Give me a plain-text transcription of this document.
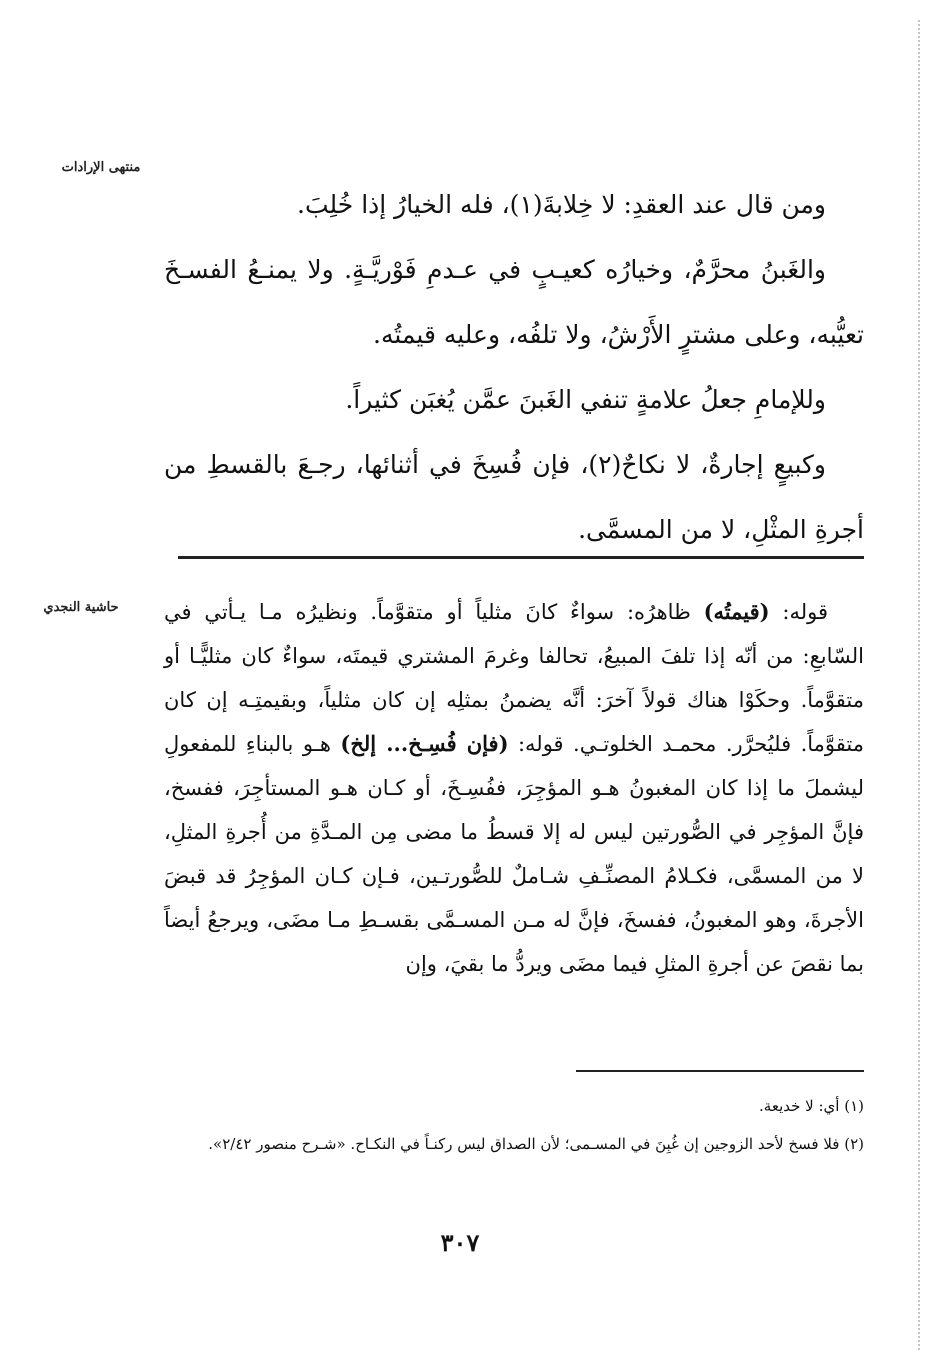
منتهى الإرادات
حاشية النجدي

ومن قال عند العقدِ: لا خِلابةَ(١)، فله الخيارُ إذا خُلِبَ.

والغَبنُ محرَّمٌ، وخيارُه كعيـبٍ في عـدمِ فَوْريَّـةٍ. ولا يمنـعُ الفسـخَ تعيُّبه، وعلى مشترٍ الأَرْشُ، ولا تلفُه، وعليه قيمتُه.

وللإمامِ جعلُ علامةٍ تنفي الغَبنَ عمَّن يُغبَن كثيراً.

وكبيعٍ إجارةٌ، لا نكاحٌ(٢)، فإن فُسِخَ في أثنائها، رجـعَ بالقسطِ من أجرةِ المثْلِ، لا من المسمَّى.

قوله: (قيمتُه) ظاهرُه: سواءٌ كانَ مثلياً أو متقوَّماً. ونظيرُه مـا يـأتي في السّابعِ: من أنّه إذا تلفَ المبيعُ، تحالفا وغرمَ المشتري قيمتَه، سواءٌ كان مثليًّـا أو متقوَّماً. وحكَوْا هناك قولاً آخرَ: أنَّه يضمنُ بمثلِه إن كان مثلياً، وبقيمتِـه إن كان متقوَّماً. فليُحرَّر. محمـد الخلوتـي. قوله: (فإن فُسِـخ... إلخ) هـو بالبناءِ للمفعولِ ليشملَ ما إذا كان المغبونُ هـو المؤجِرَ، ففُسِـخَ، أو كـان هـو المستأجِرَ، ففسخ، فإنَّ المؤجِر في الصُّورتين ليس له إلا قسطُ ما مضى مِن المـدَّةِ من أُجرةِ المثلِ، لا من المسمَّى، فكـلامُ المصنِّـفِ شـاملٌ للصُّورتـين، فـإن كـان المؤجِرُ قد قبضَ الأجرةَ، وهو المغبونُ، ففسخَ، فإنَّ له مـن المسـمَّى بقسـطِ مـا مضَى، ويرجعُ أيضاً بما نقصَ عن أجرةِ المثلِ فيما مضَى ويردُّ ما بقيَ، وإن

(١) أي: لا خديعة.

(٢) فلا فسخ لأحد الزوجين إن غُبِنَ في المسـمى؛ لأن الصداق ليس ركنـاً في النكـاح. «شـرح منصور ٢/٤٢».

٣٠٧
